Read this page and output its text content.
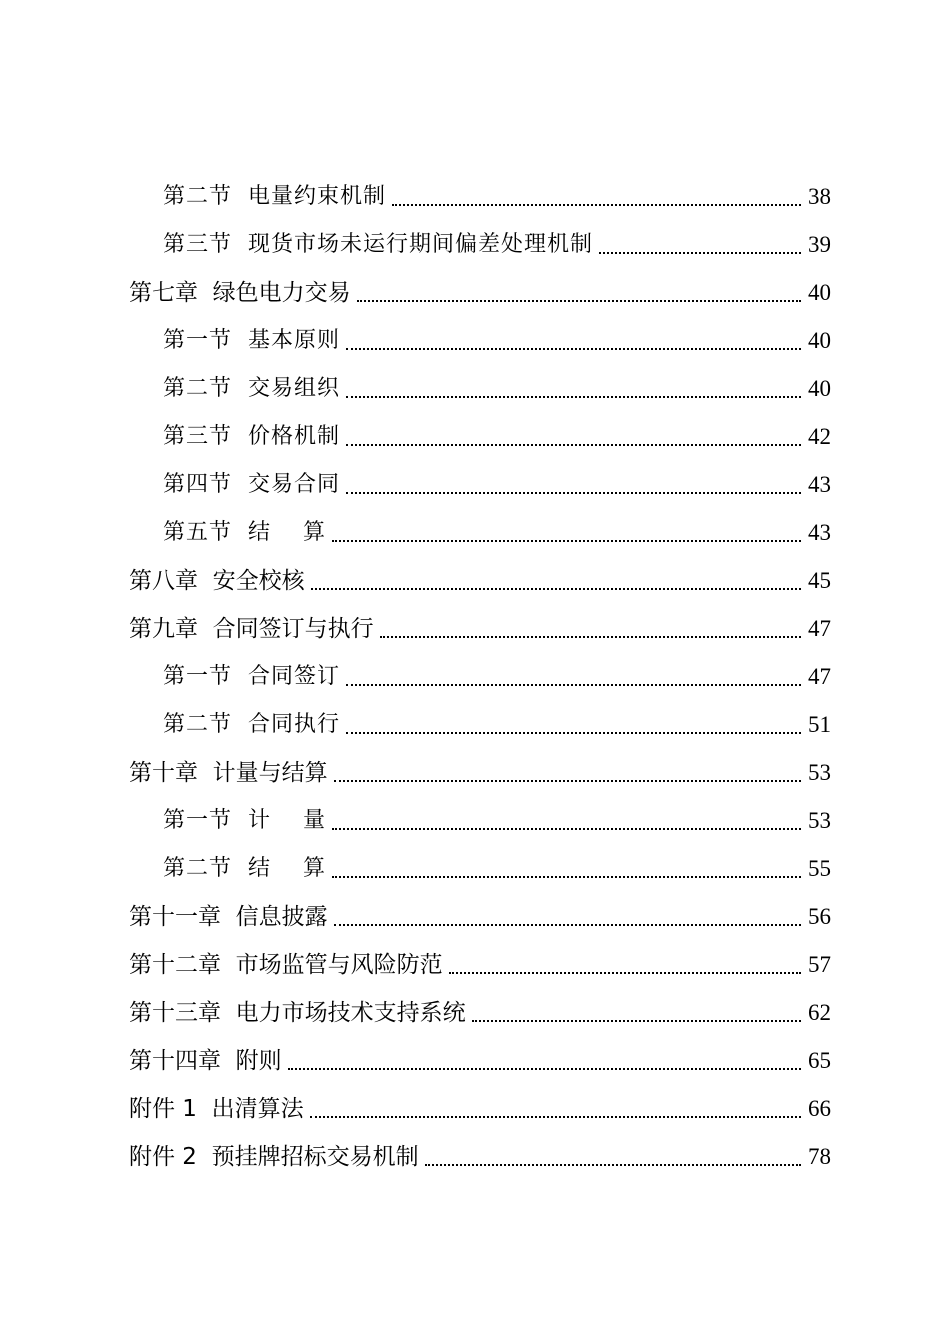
第二节  电量约束机制	38
第三节  现货市场未运行期间偏差处理机制	39
第七章  绿色电力交易	40
第一节  基本原则	40
第二节  交易组织	40
第三节  价格机制	42
第四节  交易合同	43
第五节  结    算	43
第八章  安全校核	45
第九章  合同签订与执行	47
第一节  合同签订	47
第二节  合同执行	51
第十章  计量与结算	53
第一节  计    量	53
第二节  结    算	55
第十一章  信息披露	56
第十二章  市场监管与风险防范	57
第十三章  电力市场技术支持系统	62
第十四章  附则	65
附件 1  出清算法	66
附件 2  预挂牌招标交易机制	78
